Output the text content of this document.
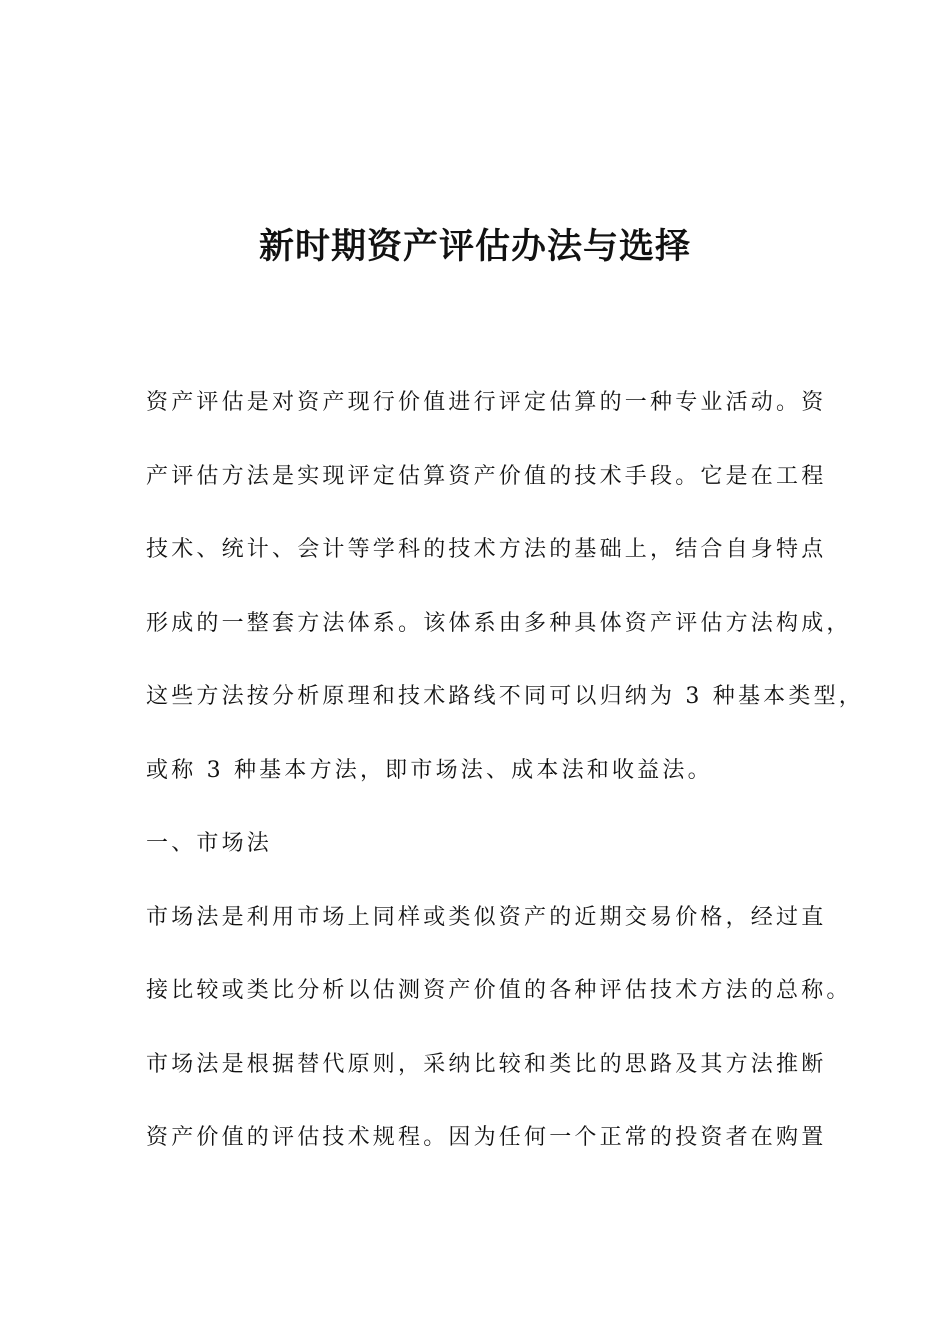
新时期资产评估办法与选择
资产评估是对资产现行价值进行评定估算的一种专业活动。资
产评估方法是实现评定估算资产价值的技术手段。它是在工程
技术、统计、会计等学科的技术方法的基础上，结合自身特点
形成的一整套方法体系。该体系由多种具体资产评估方法构成，
这些方法按分析原理和技术路线不同可以归纳为 3 种基本类型，
或称 3 种基本方法，即市场法、成本法和收益法。
一、市场法
市场法是利用市场上同样或类似资产的近期交易价格，经过直
接比较或类比分析以估测资产价值的各种评估技术方法的总称。
市场法是根据替代原则，采纳比较和类比的思路及其方法推断
资产价值的评估技术规程。因为任何一个正常的投资者在购置
